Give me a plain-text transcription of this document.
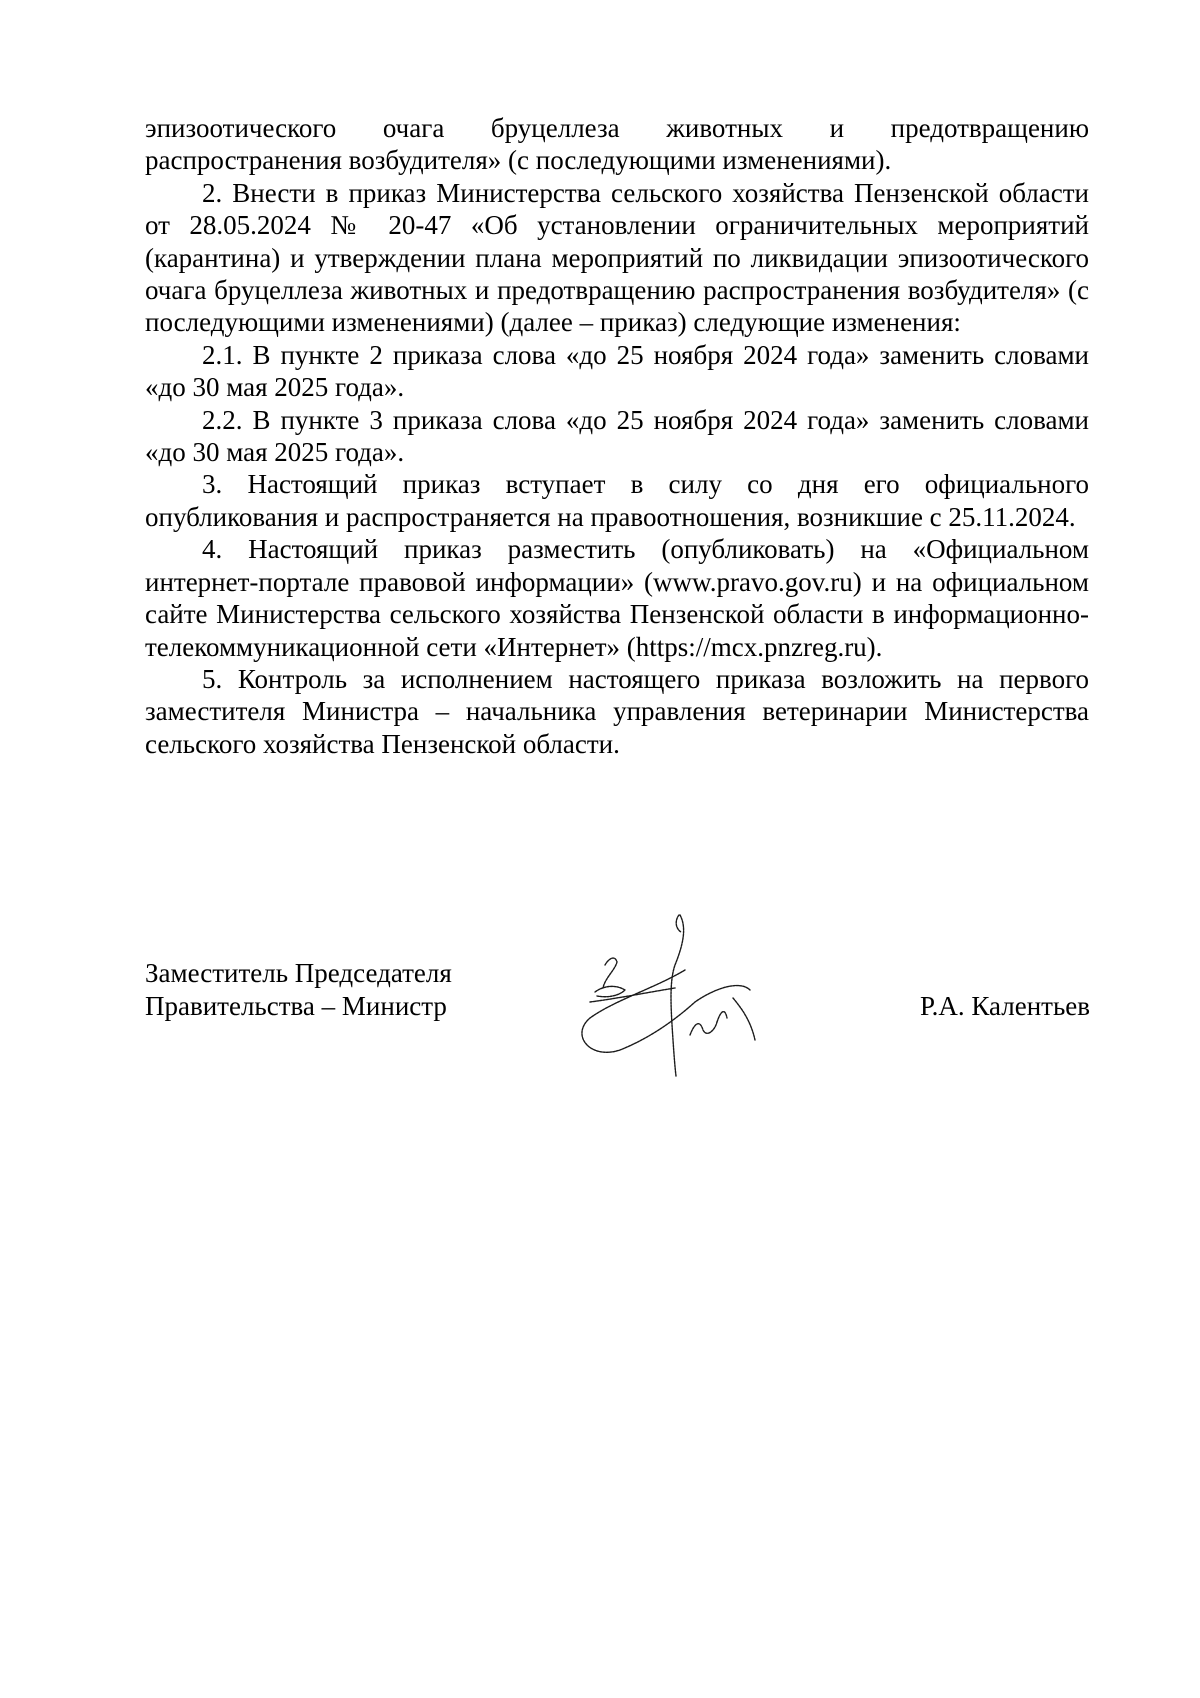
эпизоотического очага бруцеллеза животных и предотвращению распространения возбудителя» (с последующими изменениями).

2. Внести в приказ Министерства сельского хозяйства Пензенской области от 28.05.2024 № 20-47 «Об установлении ограничительных мероприятий (карантина) и утверждении плана мероприятий по ликвидации эпизоотического очага бруцеллеза животных и предотвращению распространения возбудителя» (с последующими изменениями) (далее – приказ) следующие изменения:

2.1. В пункте 2 приказа слова «до 25 ноября 2024 года» заменить словами «до 30 мая 2025 года».

2.2. В пункте 3 приказа слова «до 25 ноября 2024 года» заменить словами «до 30 мая 2025 года».

3. Настоящий приказ вступает в силу со дня его официального опубликования и распространяется на правоотношения, возникшие с 25.11.2024.

4. Настоящий приказ разместить (опубликовать) на «Официальном интернет-портале правовой информации» (www.pravo.gov.ru) и на официальном сайте Министерства сельского хозяйства Пензенской области в информационно-телекоммуникационной сети «Интернет» (https://mcx.pnzreg.ru).

5. Контроль за исполнением настоящего приказа возложить на первого заместителя Министра – начальника управления ветеринарии Министерства сельского хозяйства Пензенской области.

Заместитель Председателя
Правительства – Министр	Р.А. Калентьев
